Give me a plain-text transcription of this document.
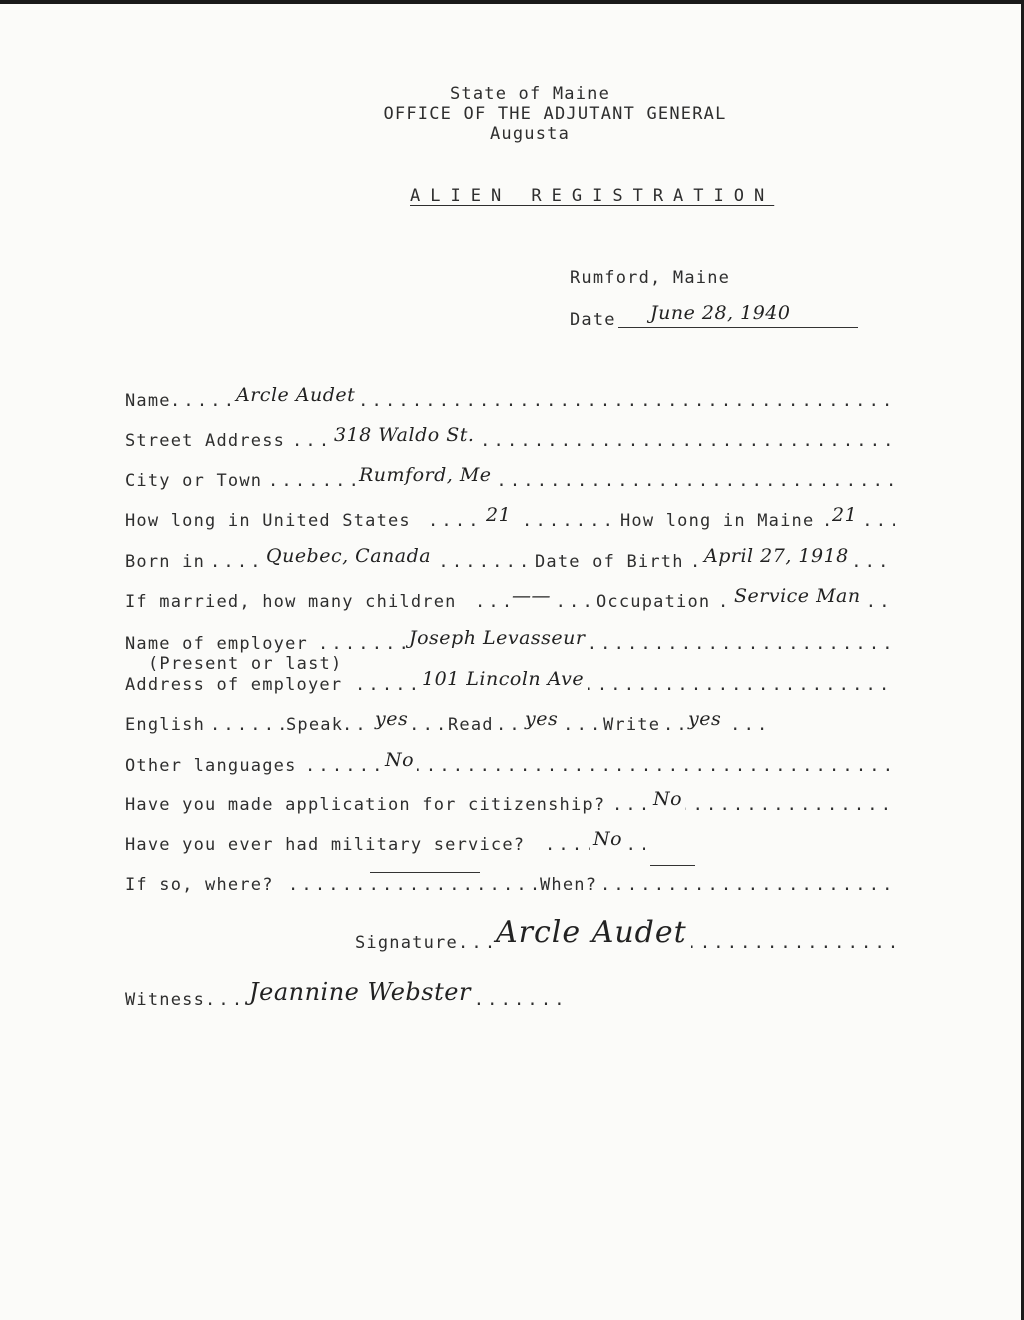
State of Maine
OFFICE OF THE ADJUTANT GENERAL
Augusta
ALIEN REGISTRATION
Rumford, Maine
Date June 28, 1940
Name .....	Arcle Audet
Street Address .....	318 Waldo St.
City or Town .....	Rumford, Me
How long in United States .....	21	How long in Maine ..... 21
Born in .....	Quebec, Canada	Date of Birth ..... April 27, 1918
If married, how many children .....	——	Occupation ..... Service Man
Name of employer .....	Joseph Levasseur
(Present or last)
Address of employer .....	101 Lincoln Ave
English .....	Speak ..... yes Read ..... yes	Write ..... yes
Other languages .....	No
Have you made application for citizenship? .....	No
Have you ever had military service? .....	No
If so, where? .....	When?
.....
Signature ..... Arcle Audet
Witness ..... Jeannine Webster
